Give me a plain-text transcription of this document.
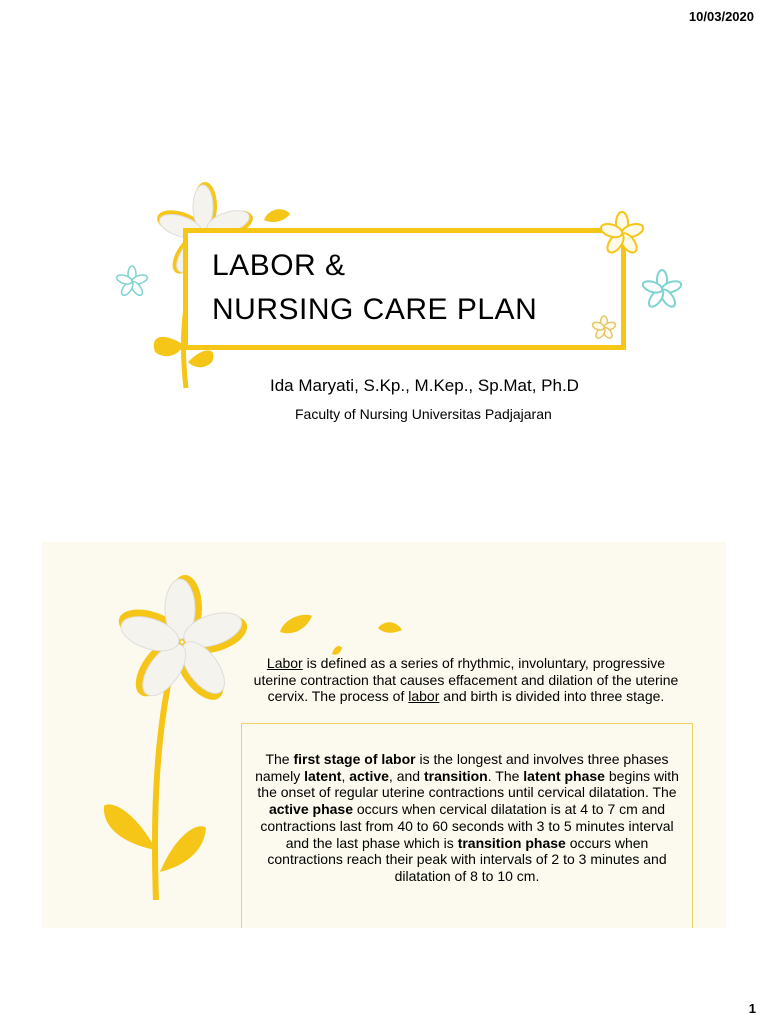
10/03/2020
LABOR &
NURSING CARE PLAN
Ida Maryati, S.Kp., M.Kep., Sp.Mat, Ph.D
Faculty of Nursing Universitas Padjajaran
Labor is defined as a series of rhythmic, involuntary, progressive uterine contraction that causes effacement and dilation of the uterine cervix. The process of labor and birth is divided into three stage.
The first stage of labor is the longest and involves three phases namely latent, active, and transition. The latent phase begins with the onset of regular uterine contractions until cervical dilatation. The active phase occurs when cervical dilatation is at 4 to 7 cm and contractions last from 40 to 60 seconds with 3 to 5 minutes interval and the last phase which is transition phase occurs when contractions reach their peak with intervals of 2 to 3 minutes and dilatation of 8 to 10 cm.
1
